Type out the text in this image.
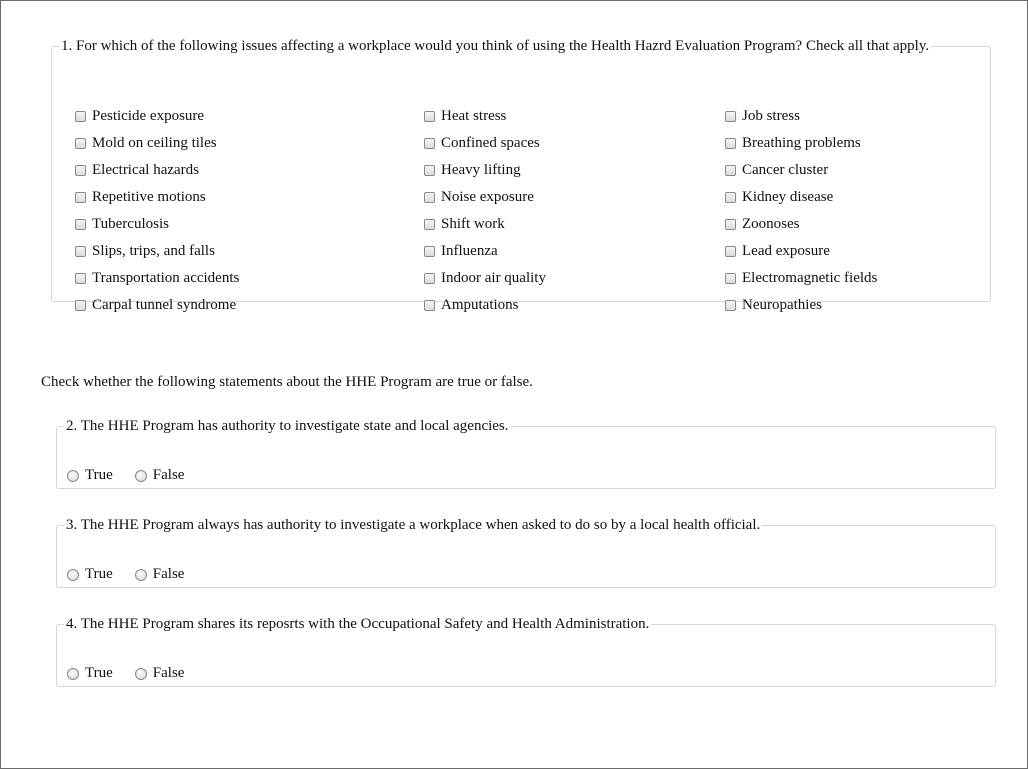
1. For which of the following issues affecting a workplace would you think of using the Health Hazrd Evaluation Program? Check all that apply.
Pesticide exposure
Mold on ceiling tiles
Electrical hazards
Repetitive motions
Tuberculosis
Slips, trips, and falls
Transportation accidents
Carpal tunnel syndrome
Heat stress
Confined spaces
Heavy lifting
Noise exposure
Shift work
Influenza
Indoor air quality
Amputations
Job stress
Breathing problems
Cancer cluster
Kidney disease
Zoonoses
Lead exposure
Electromagnetic fields
Neuropathies
Check whether the following statements about the HHE Program are true or false.
2. The HHE Program has authority to investigate state and local agencies.
True	False
3. The HHE Program always has authority to investigate a workplace when asked to do so by a local health official.
True	False
4. The HHE Program shares its reposrts with the Occupational Safety and Health Administration.
True	False
